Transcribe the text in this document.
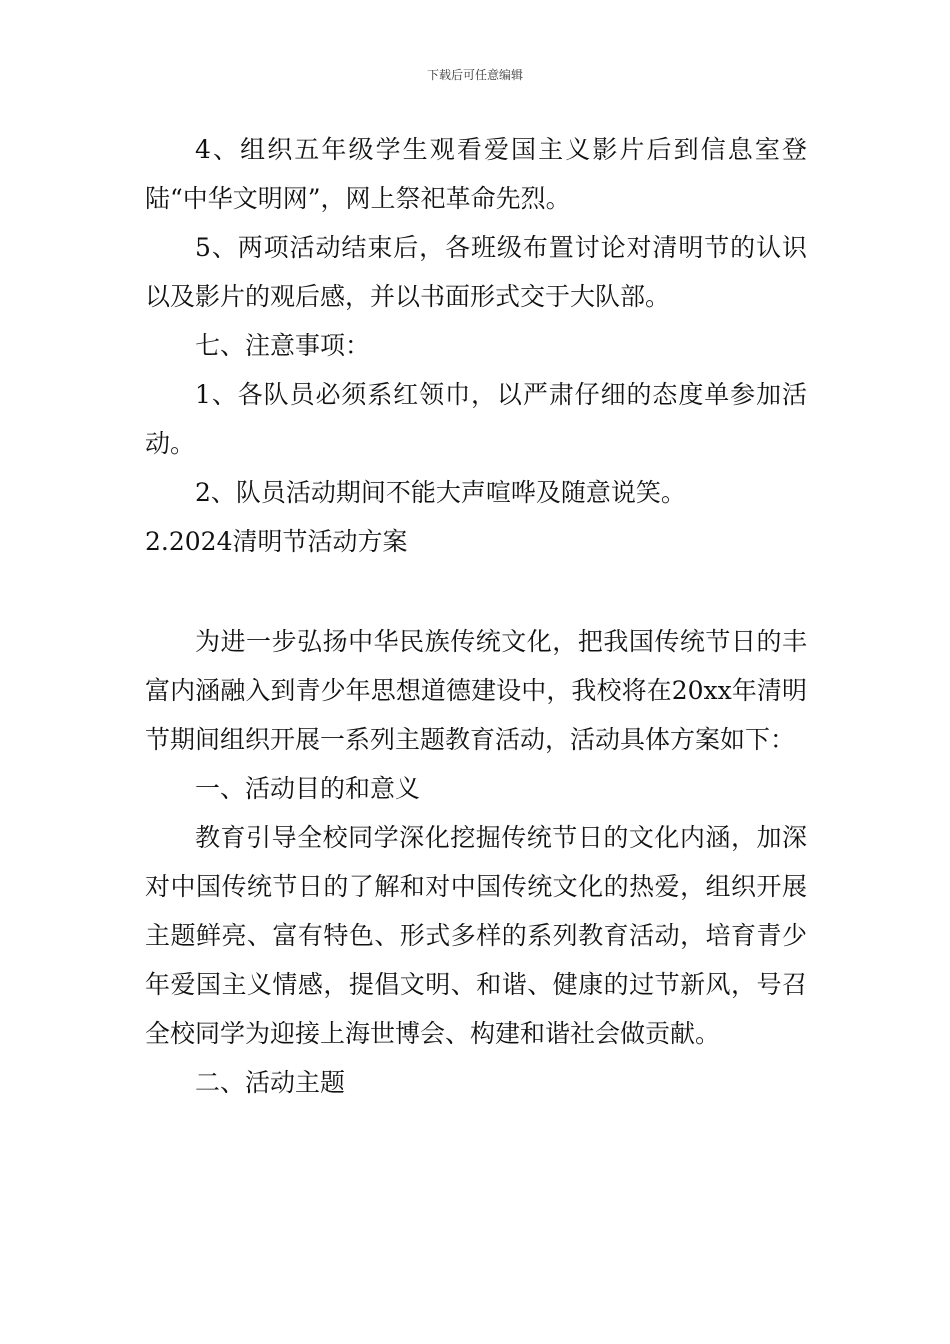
下载后可任意编辑

4、组织五年级学生观看爱国主义影片后到信息室登陆“中华文明网”，网上祭祀革命先烈。

5、两项活动结束后，各班级布置讨论对清明节的认识以及影片的观后感，并以书面形式交于大队部。

七、注意事项：

1、各队员必须系红领巾，以严肃仔细的态度单参加活动。

2、队员活动期间不能大声喧哗及随意说笑。

2.2024清明节活动方案

为进一步弘扬中华民族传统文化，把我国传统节日的丰富内涵融入到青少年思想道德建设中，我校将在20xx年清明节期间组织开展一系列主题教育活动，活动具体方案如下：

一、活动目的和意义

教育引导全校同学深化挖掘传统节日的文化内涵，加深对中国传统节日的了解和对中国传统文化的热爱，组织开展主题鲜亮、富有特色、形式多样的系列教育活动，培育青少年爱国主义情感，提倡文明、和谐、健康的过节新风，号召全校同学为迎接上海世博会、构建和谐社会做贡献。

二、活动主题
